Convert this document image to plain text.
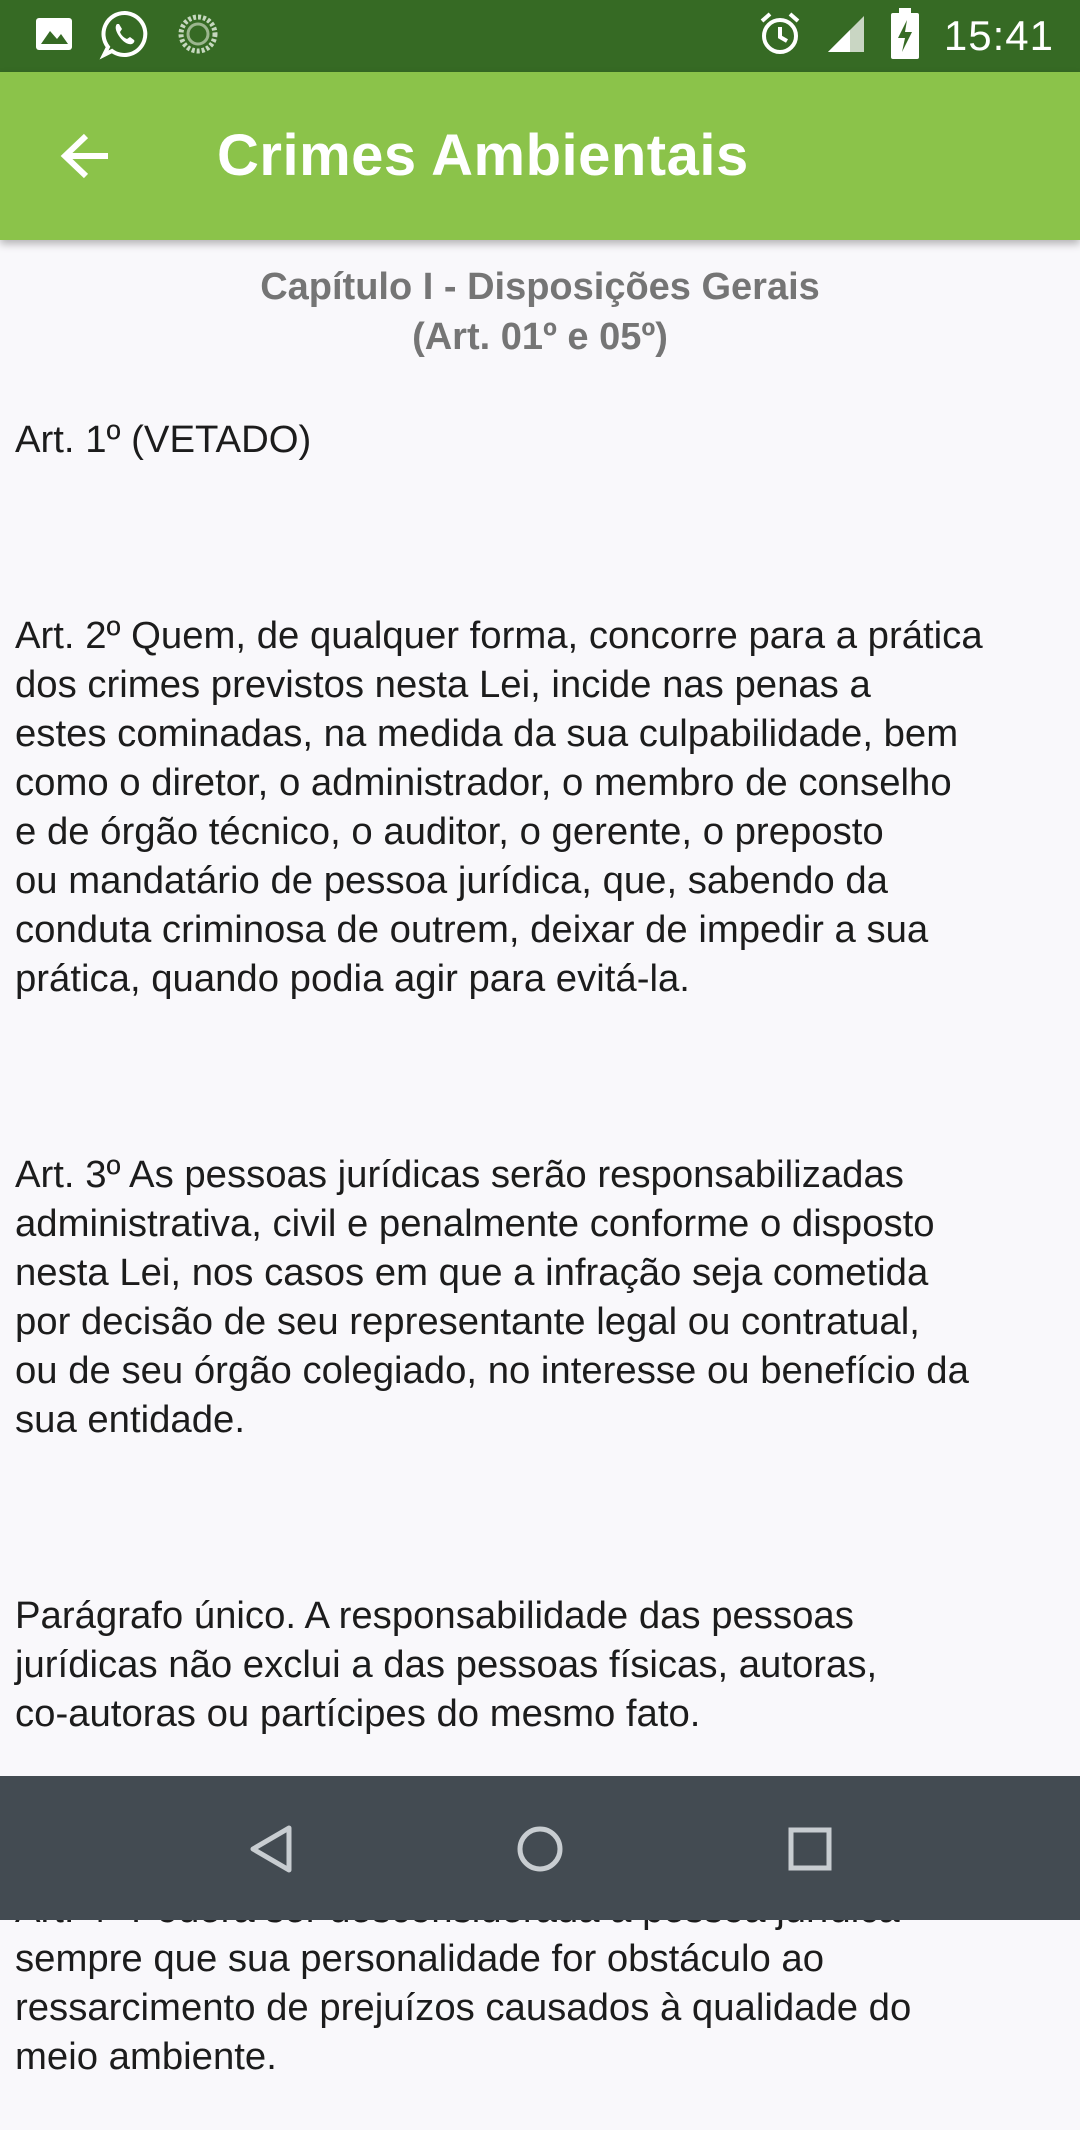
15:41
Crimes Ambientais
Capítulo I - Disposições Gerais
(Art. 01º e 05º)

Art. 1º (VETADO)

Art. 2º Quem, de qualquer forma, concorre para a prática
dos crimes previstos nesta Lei, incide nas penas a
estes cominadas, na medida da sua culpabilidade, bem
como o diretor, o administrador, o membro de conselho
e de órgão técnico, o auditor, o gerente, o preposto
ou mandatário de pessoa jurídica, que, sabendo da
conduta criminosa de outrem, deixar de impedir a sua
prática, quando podia agir para evitá-la.

Art. 3º As pessoas jurídicas serão responsabilizadas
administrativa, civil e penalmente conforme o disposto
nesta Lei, nos casos em que a infração seja cometida
por decisão de seu representante legal ou contratual,
ou de seu órgão colegiado, no interesse ou benefício da
sua entidade.

Parágrafo único. A responsabilidade das pessoas
jurídicas não exclui a das pessoas físicas, autoras,
co-autoras ou partícipes do mesmo fato.

sempre que sua personalidade for obstáculo ao
ressarcimento de prejuízos causados à qualidade do
meio ambiente.
